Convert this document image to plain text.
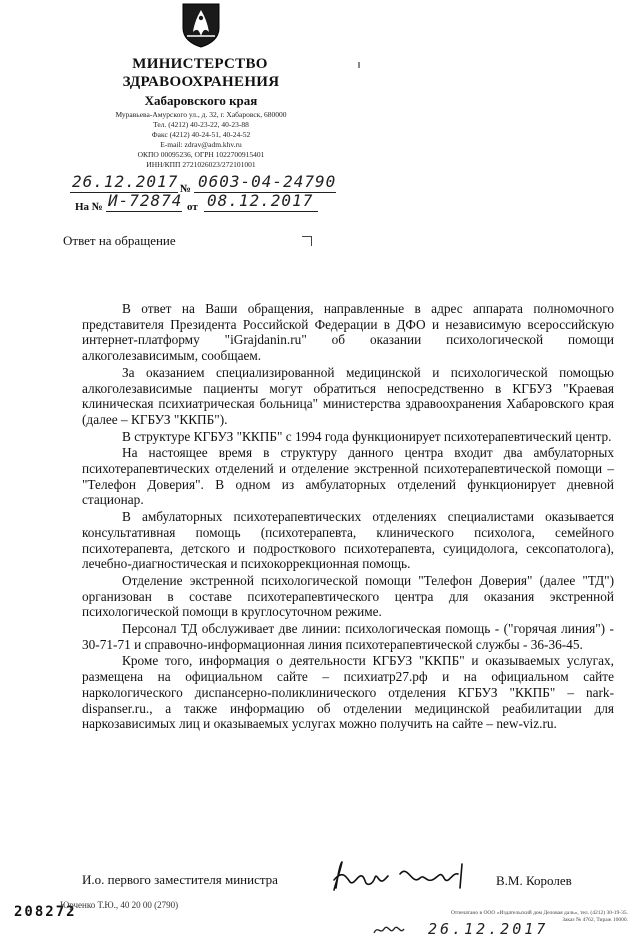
МИНИСТЕРСТВО
ЗДРАВООХРАНЕНИЯ
Хабаровского края
Муравьева-Амурского ул., д. 32, г. Хабаровск, 680000
Тел. (4212) 40-23-22, 40-23-88
Факс (4212) 40-24-51, 40-24-52
E-mail: zdrav@adm.khv.ru
ОКПО 00095236, ОГРН 1022700915401
ИНН/КПП 2721026023/272101001
26.12.2017 № 0603-04-24790
На № И-72874 от 08.12.2017
Ответ на обращение

В ответ на Ваши обращения, направленные в адрес аппарата полномочного представителя Президента Российской Федерации в ДФО и независимую всероссийскую интернет-платформу "iGrajdanin.ru" об оказании психологической помощи алкоголезависимым, сообщаем.

За оказанием специализированной медицинской и психологической помощью алкоголезависимые пациенты могут обратиться непосредственно в КГБУЗ "Краевая клиническая психиатрическая больница" министерства здравоохранения Хабаровского края (далее – КГБУЗ "ККПБ").

В структуре КГБУЗ "ККПБ" с 1994 года функционирует психотерапевтический центр.

На настоящее время в структуру данного центра входит два амбулаторных психотерапевтических отделений и отделение экстренной психотерапевтической помощи – "Телефон Доверия". В одном из амбулаторных отделений функционирует дневной стационар.

В амбулаторных психотерапевтических отделениях специалистами оказывается консультативная помощь (психотерапевта, клинического психолога, семейного психотерапевта, детского и подросткового психотерапевта, суицидолога, сексопатолога), лечебно-диагностическая и психокоррекционная помощь.

Отделение экстренной психологической помощи "Телефон Доверия" (далее "ТД") организован в составе психотерапевтического центра для оказания экстренной психологической помощи в круглосуточном режиме.

Персонал ТД обслуживает две линии: психологическая помощь - ("горячая линия") - 30-71-71 и справочно-информационная линия психотерапевтической службы - 36-36-45.

Кроме того, информация о деятельности КГБУЗ "ККПБ" и оказываемых услугах, размещена на официальном сайте – психиатр27.рф и на официальном сайте наркологического диспансерно-поликлинического отделения КГБУЗ "ККПБ" – nark-dispanser.ru., а также информацию об отделении медицинской реабилитации для наркозависимых лиц и оказываемых услугах можно получить на сайте – new-viz.ru.

И.о. первого заместителя министра	В.М. Королев
208272
Юрченко Т.Ю., 40 20 00 (2790)
Отпечатано в ООО «Издательский дом Деловая даль», тел. (4212) 30-19-35.
Заказ № 4762, Тираж 10000.
26.12.2017
